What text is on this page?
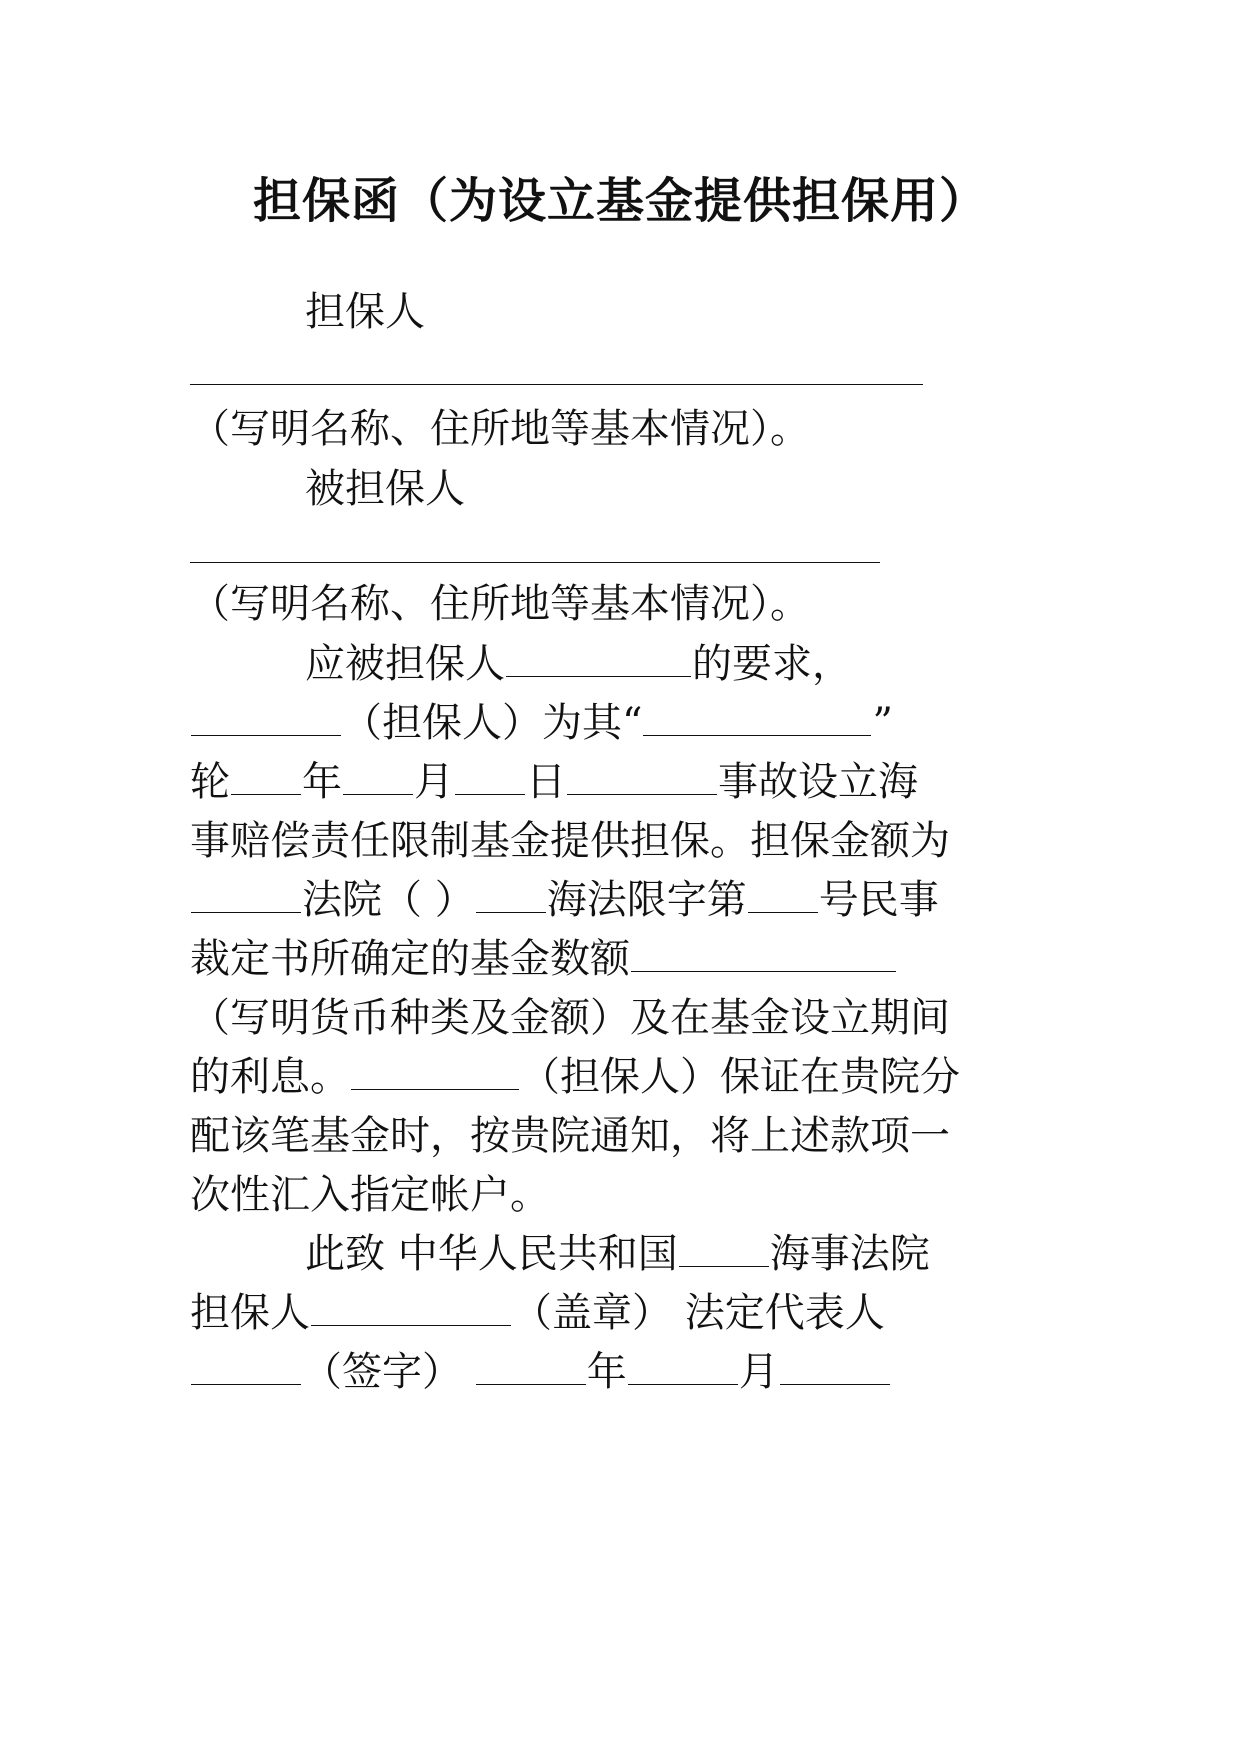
担保函（为设立基金提供担保用）
担保人
（写明名称、住所地等基本情况）。
被担保人
（写明名称、住所地等基本情况）。
应被担保人	的要求，
（担保人）为其“	”
轮 年 月 日	事故设立海
事赔偿责任限制基金提供担保。担保金额为
法院（ ） 海法限字第 号民事
裁定书所确定的基金数额
（写明货币种类及金额）及在基金设立期间
的利息。	（担保人）保证在贵院分
配该笔基金时，按贵院通知，将上述款项一
次性汇入指定帐户。
此致 中华人民共和国 海事法院
担保人	（盖章） 法定代表人
（签字）	年	月
